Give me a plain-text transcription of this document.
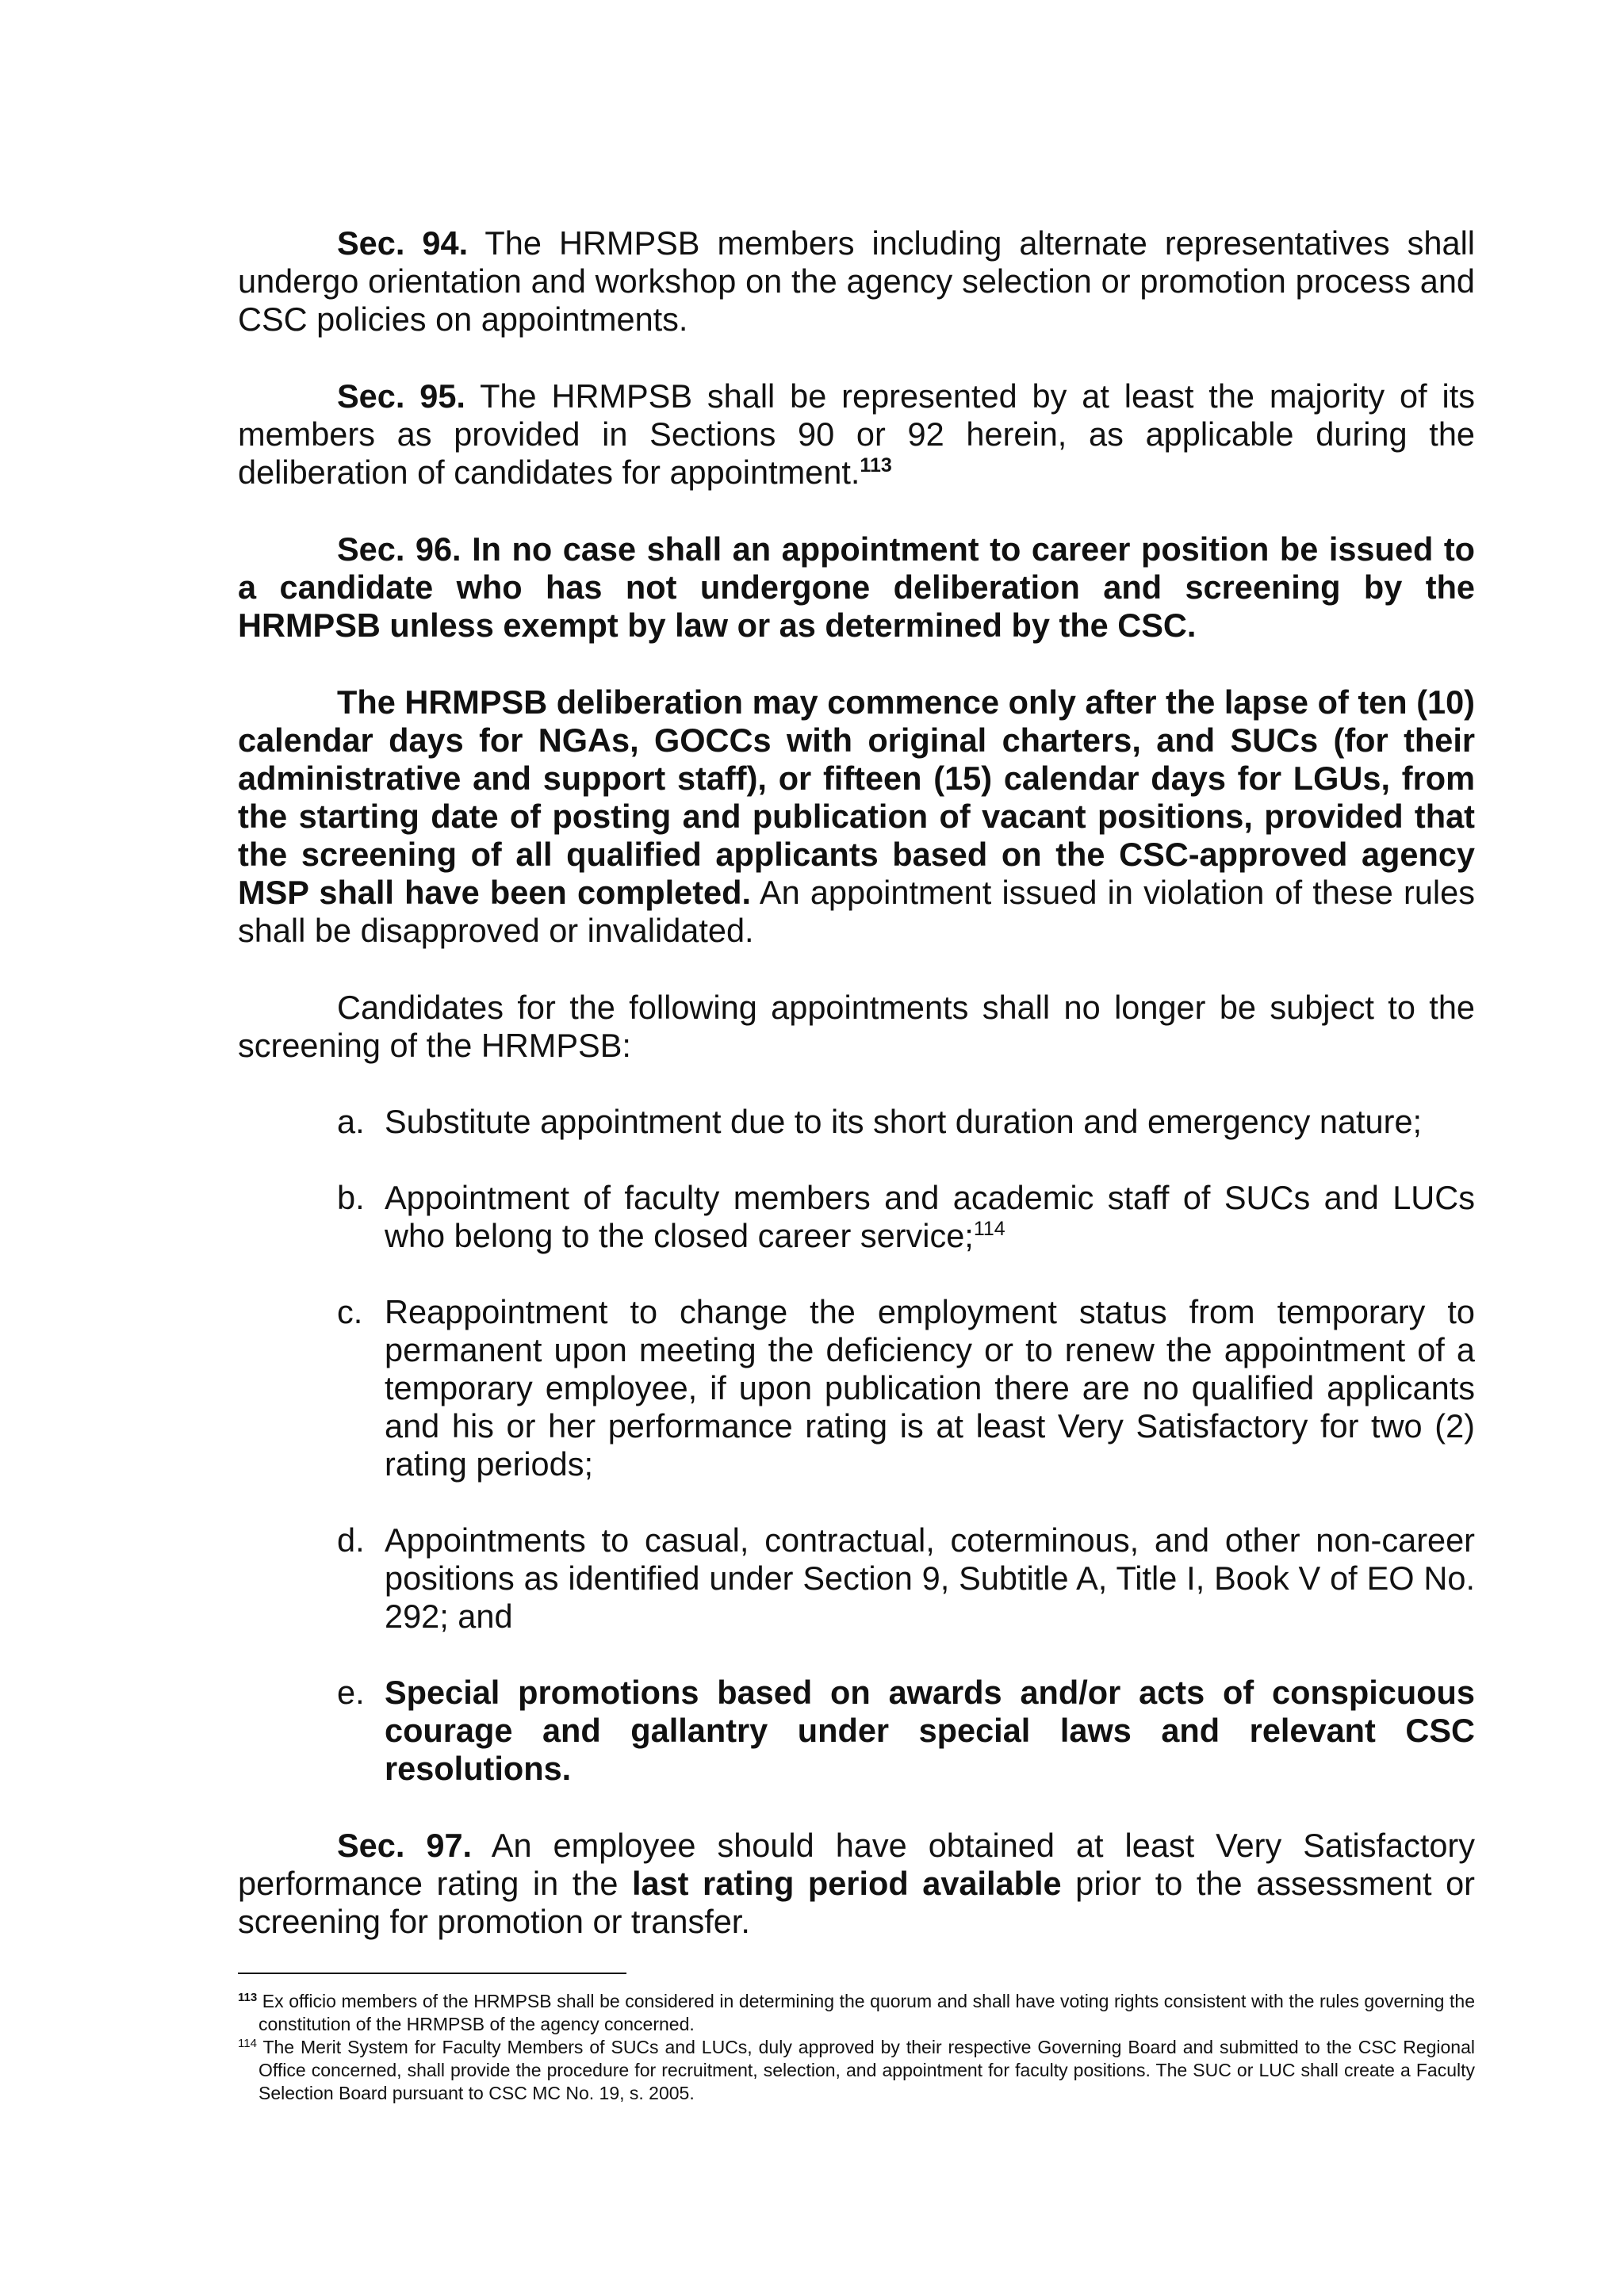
Sec. 94. The HRMPSB members including alternate representatives shall undergo orientation and workshop on the agency selection or promotion process and CSC policies on appointments.

Sec. 95. The HRMPSB shall be represented by at least the majority of its members as provided in Sections 90 or 92 herein, as applicable during the deliberation of candidates for appointment.$^{113}$

Sec. 96. In no case shall an appointment to career position be issued to a candidate who has not undergone deliberation and screening by the HRMPSB unless exempt by law or as determined by the CSC.

The HRMPSB deliberation may commence only after the lapse of ten (10) calendar days for NGAs, GOCCs with original charters, and SUCs (for their administrative and support staff), or fifteen (15) calendar days for LGUs, from the starting date of posting and publication of vacant positions, provided that the screening of all qualified applicants based on the CSC-approved agency MSP shall have been completed. An appointment issued in violation of these rules shall be disapproved or invalidated.

Candidates for the following appointments shall no longer be subject to the screening of the HRMPSB:

a. Substitute appointment due to its short duration and emergency nature;

b. Appointment of faculty members and academic staff of SUCs and LUCs who belong to the closed career service;$^{114}$

c. Reappointment to change the employment status from temporary to permanent upon meeting the deficiency or to renew the appointment of a temporary employee, if upon publication there are no qualified applicants and his or her performance rating is at least Very Satisfactory for two (2) rating periods;

d. Appointments to casual, contractual, coterminous, and other non-career positions as identified under Section 9, Subtitle A, Title I, Book V of EO No. 292; and

e. Special promotions based on awards and/or acts of conspicuous courage and gallantry under special laws and relevant CSC resolutions.

Sec. 97. An employee should have obtained at least Very Satisfactory performance rating in the last rating period available prior to the assessment or screening for promotion or transfer.

$^{113}$ Ex officio members of the HRMPSB shall be considered in determining the quorum and shall have voting rights consistent with the rules governing the constitution of the HRMPSB of the agency concerned.

$^{114}$ The Merit System for Faculty Members of SUCs and LUCs, duly approved by their respective Governing Board and submitted to the CSC Regional Office concerned, shall provide the procedure for recruitment, selection, and appointment for faculty positions. The SUC or LUC shall create a Faculty Selection Board pursuant to CSC MC No. 19, s. 2005.
